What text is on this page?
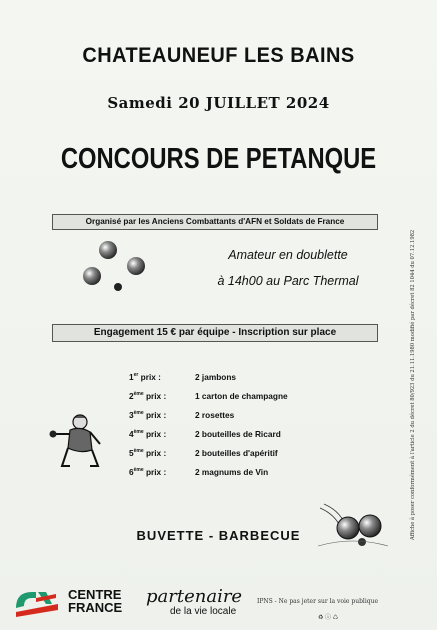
CHATEAUNEUF LES BAINS
Samedi 20 JUILLET 2024
CONCOURS DE PETANQUE
Organisé par les Anciens Combattants d'AFN et Soldats de France
Amateur en doublette
à 14h00 au Parc Thermal
Engagement 15 € par équipe - Inscription sur place
1er prix :	2 jambons
2ème prix :	1 carton de champagne
3ème prix :	2 rosettes
4ème prix :	2 bouteilles de Ricard
5ème prix :	2 bouteilles d'apéritif
6ème prix :	2 magnums de Vin
BUVETTE - BARBECUE	Affiche à poser conformément à l'article 2 du décret 80/923 du 21.11.1980 modifié par décret 82 1044 du 07.12.1982
IPNS - Ne pas jeter sur la voie publique
♻ ⓘ ♺
CENTRE
FRANCE
partenaire
de la vie locale
